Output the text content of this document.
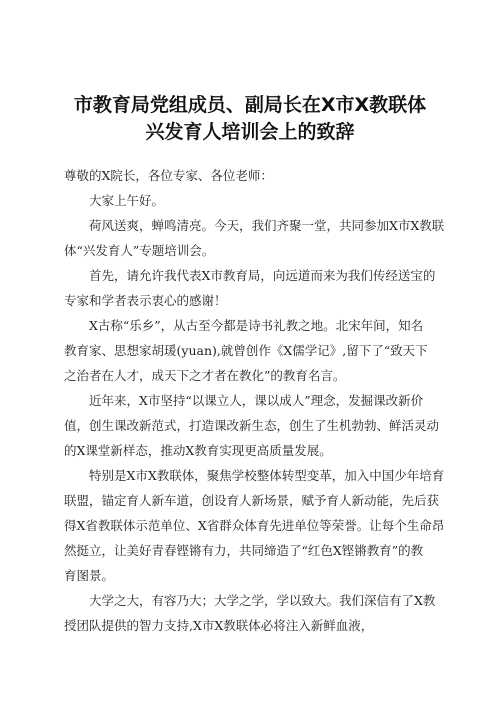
市教育局党组成员、副局长在X市X教联体
兴发育人培训会上的致辞
尊敬的X院长，各位专家、各位老师：
大家上午好。
荷风送爽，蝉鸣清亮。今天，我们齐聚一堂，共同参加X市X教联
体“兴发育人”专题培训会。
首先，请允许我代表X市教育局，向远道而来为我们传经送宝的
专家和学者表示衷心的感谢！
X古称“乐乡”，从古至今都是诗书礼教之地。北宋年间，知名
教育家、思想家胡瑗(yuan),就曾创作《X儒学记》,留下了“致天下
之治者在人才，成天下之才者在教化”的教育名言。
近年来，X市坚持“以课立人，课以成人”理念，发掘课改新价
值，创生课改新范式，打造课改新生态，创生了生机勃勃、鲜活灵动
的X课堂新样态，推动X教育实现更高质量发展。
特别是X市X教联体，聚焦学校整体转型变革，加入中国少年培育
联盟，锚定育人新车道，创设育人新场景，赋予育人新动能，先后获
得X省教联体示范单位、X省群众体育先进单位等荣誉。让每个生命昂
然挺立，让美好青春铿锵有力，共同缔造了“红色X铿锵教育”的教
育图景。
大学之大，有容乃大；大学之学，学以致大。我们深信有了X教
授团队提供的智力支持,X市X教联体必将注入新鲜血液，
